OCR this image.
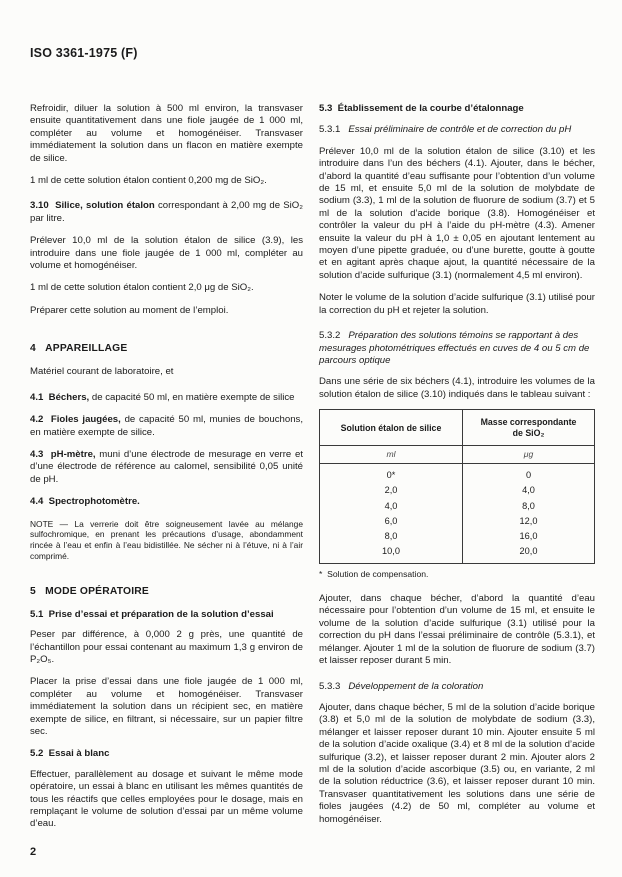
ISO 3361-1975 (F)

Refroidir, diluer la solution à 500 ml environ, la transvaser ensuite quantitativement dans une fiole jaugée de 1 000 ml, compléter au volume et homogénéiser. Transvaser immédiatement la solution dans un flacon en matière exempte de silice.

1 ml de cette solution étalon contient 0,200 mg de SiO₂.

3.10  Silice, solution étalon correspondant à 2,00 mg de SiO₂ par litre.

Prélever 10,0 ml de la solution étalon de silice (3.9), les introduire dans une fiole jaugée de 1 000 ml, compléter au volume et homogénéiser.

1 ml de cette solution étalon contient 2,0 μg de SiO₂.

Préparer cette solution au moment de l’emploi.

4   APPAREILLAGE

Matériel courant de laboratoire, et

4.1  Béchers, de capacité 50 ml, en matière exempte de silice

4.2  Fioles jaugées, de capacité 50 ml, munies de bouchons, en matière exempte de silice.

4.3  pH-mètre, muni d’une électrode de mesurage en verre et d’une électrode de référence au calomel, sensibilité 0,05 unité de pH.

4.4  Spectrophotomètre.

NOTE — La verrerie doit être soigneusement lavée au mélange sulfochromique, en prenant les précautions d’usage, abondamment rincée à l’eau et enfin à l’eau bidistillée. Ne sécher ni à l’étuve, ni à l’air comprimé.

5   MODE OPÉRATOIRE

5.1  Prise d’essai et préparation de la solution d’essai

Peser par différence, à 0,000 2 g près, une quantité de l’échantillon pour essai contenant au maximum 1,3 g environ de P₂O₅.

Placer la prise d’essai dans une fiole jaugée de 1 000 ml, compléter au volume et homogénéiser. Transvaser immédiatement la solution dans un récipient sec, en matière exempte de silice, en filtrant, si nécessaire, sur un papier filtre sec.

5.2  Essai à blanc

Effectuer, parallèlement au dosage et suivant le même mode opératoire, un essai à blanc en utilisant les mêmes quantités de tous les réactifs que celles employées pour le dosage, mais en remplaçant le volume de solution d’essai par un même volume d’eau.

5.3  Établissement de la courbe d’étalonnage

5.3.1 Essai préliminaire de contrôle et de correction du pH

Prélever 10,0 ml de la solution étalon de silice (3.10) et les introduire dans l’un des béchers (4.1). Ajouter, dans le bécher, d’abord la quantité d’eau suffisante pour l’obtention d’un volume de 15 ml, et ensuite 5,0 ml de la solution de molybdate de sodium (3.3), 1 ml de la solution de fluorure de sodium (3.7) et 5 ml de la solution d’acide borique (3.8). Homogénéiser et contrôler la valeur du pH à l’aide du pH-mètre (4.3). Amener ensuite la valeur du pH à 1,0 ± 0,05 en ajoutant lentement au moyen d’une pipette graduée, ou d’une burette, goutte à goutte et en agitant après chaque ajout, la quantité nécessaire de la solution d’acide sulfurique (3.1) (normalement 4,5 ml environ).

Noter le volume de la solution d’acide sulfurique (3.1) utilisé pour la correction du pH et rejeter la solution.

5.3.2 Préparation des solutions témoins se rapportant à des mesurages photométriques effectués en cuves de 4 ou 5 cm de parcours optique

Dans une série de six béchers (4.1), introduire les volumes de la solution étalon de silice (3.10) indiqués dans le tableau suivant :

Solution étalon de silice	Masse correspondante de SiO₂
ml	μg
0*	0
2,0	4,0
4,0	8,0
6,0	12,0
8,0	16,0
10,0	20,0

*  Solution de compensation.

Ajouter, dans chaque bécher, d’abord la quantité d’eau nécessaire pour l’obtention d’un volume de 15 ml, et ensuite le volume de la solution d’acide sulfurique (3.1) utilisé pour la correction du pH dans l’essai préliminaire de contrôle (5.3.1), et mélanger. Ajouter 1 ml de la solution de fluorure de sodium (3.7) et laisser reposer durant 5 min.

5.3.3 Développement de la coloration

Ajouter, dans chaque bécher, 5 ml de la solution d’acide borique (3.8) et 5,0 ml de la solution de molybdate de sodium (3.3), mélanger et laisser reposer durant 10 min. Ajouter ensuite 5 ml de la solution d’acide oxalique (3.4) et 8 ml de la solution d’acide sulfurique (3.2), et laisser reposer durant 2 min. Ajouter alors 2 ml de la solution d’acide ascorbique (3.5) ou, en variante, 2 ml de la solution réductrice (3.6), et laisser reposer durant 10 min. Transvaser quantitativement les solutions dans une série de fioles jaugées (4.2) de 50 ml, compléter au volume et homogénéiser.

2
